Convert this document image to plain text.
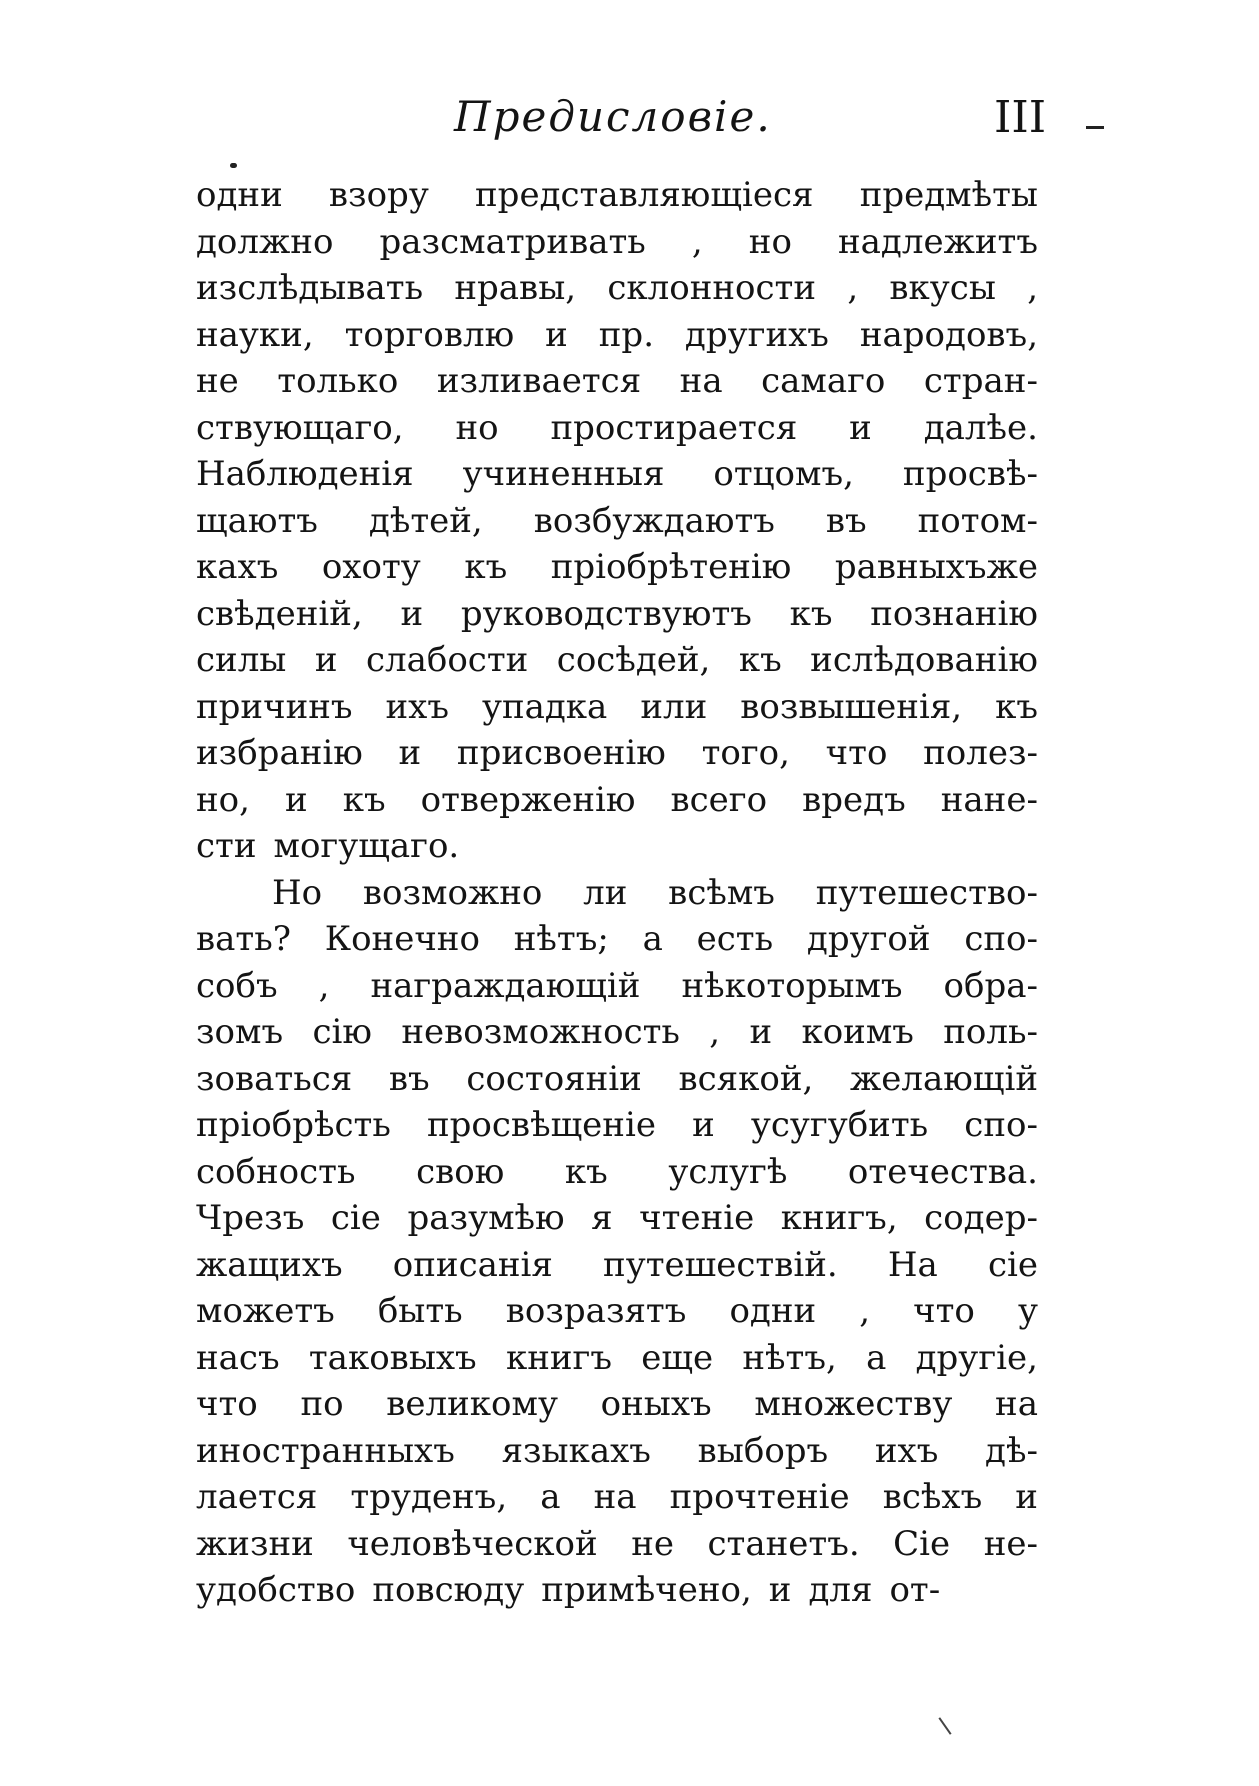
Предисловіе.	III
одни взору представляющіеся предмѣты
должно разсматривать , но надлежитъ
изслѣдывать нравы, склонности , вкусы ,
науки, торговлю и пр. другихъ народовъ,
не только изливается на самаго стран-
ствующаго, но простирается и далѣе.
Наблюденія учиненныя отцомъ, просвѣ-
щаютъ дѣтей, возбуждаютъ въ потом-
кахъ охоту къ пріобрѣтенію равныхъже
свѣденій, и руководствуютъ къ познанію
силы и слабости сосѣдей, къ ислѣдованію
причинъ ихъ упадка или возвышенія, къ
избранію и присвоенію того, что полез-
но, и къ отверженію всего вредъ нане-
сти могущаго.
Но возможно ли всѣмъ путешество-
вать? Конечно нѣтъ; а есть другой спо-
собъ , награждающій нѣкоторымъ обра-
зомъ сію невозможность , и коимъ поль-
зоваться въ состояніи всякой, желающій
пріобрѣсть просвѣщеніе и усугубить спо-
собность свою къ услугѣ отечества.
Чрезъ сіе разумѣю я чтеніе книгъ, содер-
жащихъ описанія путешествій. На сіе
можетъ быть возразятъ одни , что у
насъ таковыхъ книгъ еще нѣтъ, а другіе,
что по великому оныхъ множеству на
иностранныхъ языкахъ выборъ ихъ дѣ-
лается труденъ, а на прочтеніе всѣхъ и
жизни человѣческой не станетъ. Сіе не-
удобство повсюду примѣчено, и для от-
